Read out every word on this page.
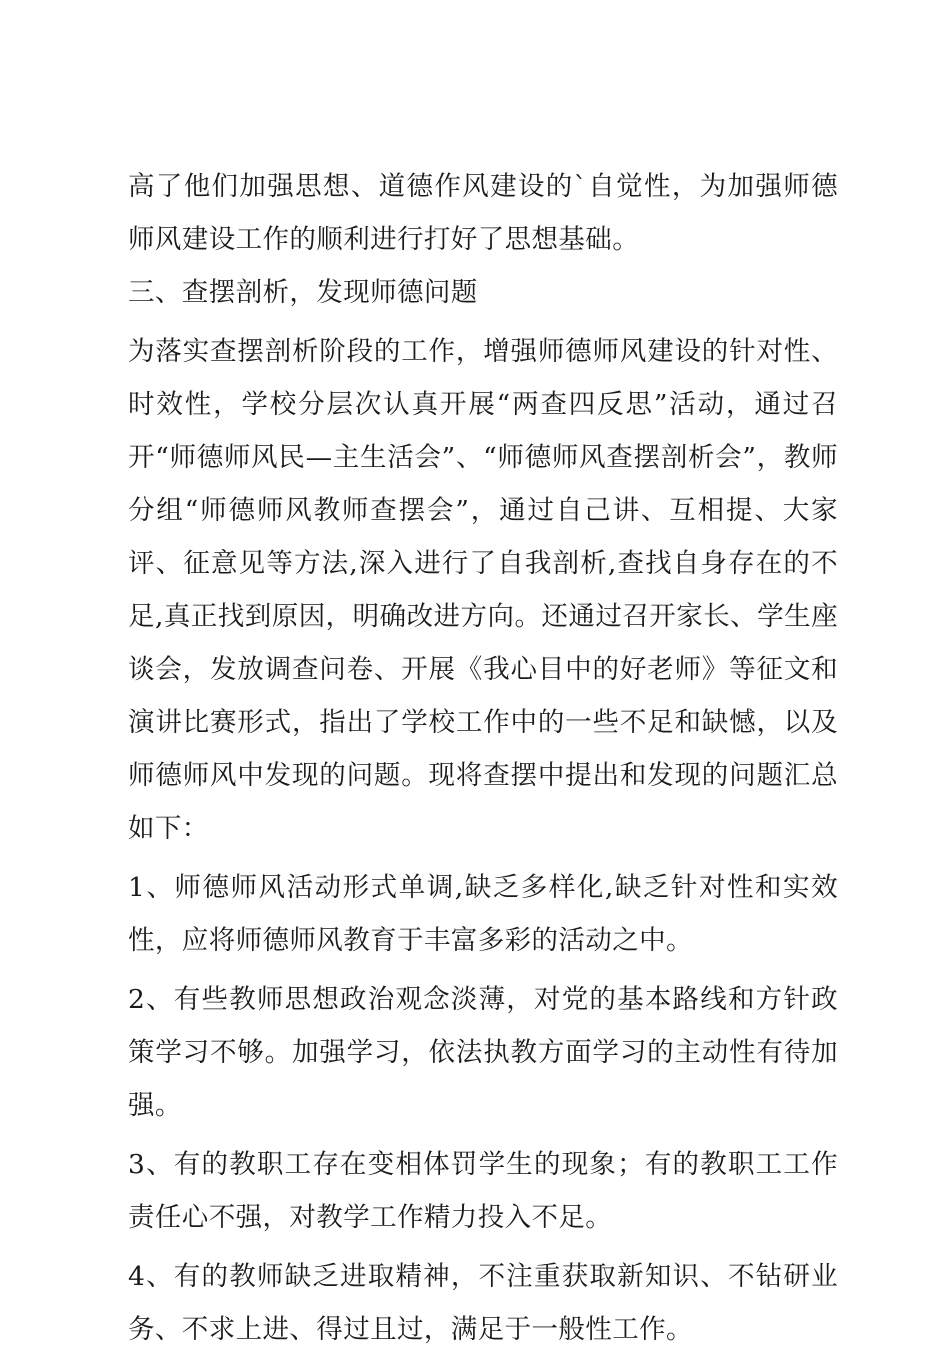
高了他们加强思想、道德作风建设的`自觉性，为加强师德师风建设工作的顺利进行打好了思想基础。

三、查摆剖析，发现师德问题

为落实查摆剖析阶段的工作，增强师德师风建设的针对性、时效性，学校分层次认真开展“两查四反思”活动，通过召开“师德师风民—主生活会”、“师德师风查摆剖析会”，教师分组“师德师风教师查摆会”，通过自己讲、互相提、大家评、征意见等方法,深入进行了自我剖析,查找自身存在的不足,真正找到原因，明确改进方向。还通过召开家长、学生座谈会，发放调查问卷、开展《我心目中的好老师》等征文和演讲比赛形式，指出了学校工作中的一些不足和缺憾，以及师德师风中发现的问题。现将查摆中提出和发现的问题汇总如下：

1、师德师风活动形式单调,缺乏多样化,缺乏针对性和实效性，应将师德师风教育于丰富多彩的活动之中。

2、有些教师思想政治观念淡薄，对党的基本路线和方针政策学习不够。加强学习，依法执教方面学习的主动性有待加强。

3、有的教职工存在变相体罚学生的现象；有的教职工工作责任心不强，对教学工作精力投入不足。

4、有的教师缺乏进取精神，不注重获取新知识、不钻研业务、不求上进、得过且过，满足于一般性工作。
